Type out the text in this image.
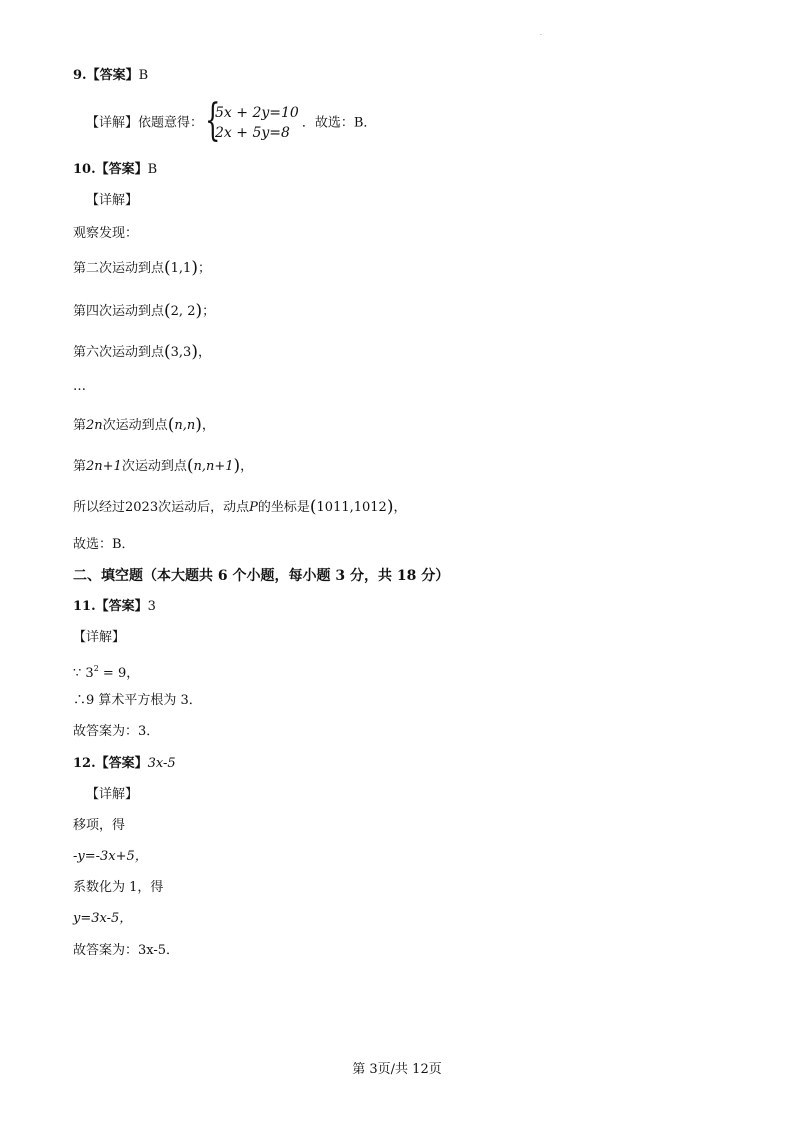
.
9.【答案】B
【详解】依题意得： {
5x + 2y=10
2x + 5y=8
．故选：B．
10.【答案】B
【详解】
观察发现：
第二次运动到点(1,1)；
第四次运动到点(2, 2)；
第六次运动到点(3,3)，
…
第2n次运动到点(n,n)，
第2n+1次运动到点(n,n+1)，
所以经过2023次运动后，动点P的坐标是(1011,1012)，
故选：B．
二、填空题（本大题共 6 个小题，每小题 3 分，共 18 分）
11.【答案】3
【详解】
∵ $3^2 = 9$，
∴9 算术平方根为 3．
故答案为：3．
12.【答案】3x-5
【详解】
移项，得
-y=-3x+5，
系数化为 1，得
y=3x-5，
故答案为：3x-5．
第 3页/共 12页
